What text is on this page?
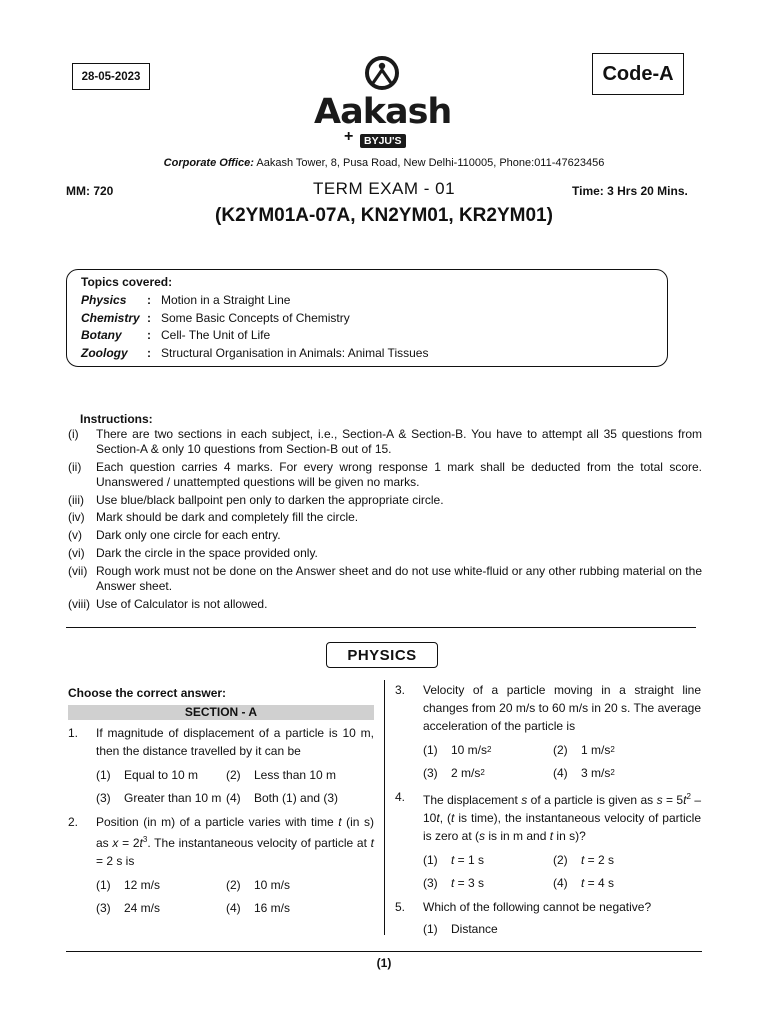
28-05-2023
Aakash
+	BYJU'S
Code-A
Corporate Office: Aakash Tower, 8, Pusa Road, New Delhi-110005, Phone:011-47623456
MM: 720	TERM EXAM - 01	Time: 3 Hrs 20 Mins.
(K2YM01A-07A, KN2YM01, KR2YM01)
Topics covered:
Physics	: Motion in a Straight Line
Chemistry : Some Basic Concepts of Chemistry
Botany	: Cell- The Unit of Life
Zoology	: Structural Organisation in Animals: Animal Tissues
Instructions:
(i)	There are two sections in each subject, i.e., Section-A & Section-B. You have to attempt all 35 questions from Section-A & only 10 questions from Section-B out of 15.
(ii)	Each question carries 4 marks. For every wrong response 1 mark shall be deducted from the total score. Unanswered / unattempted questions will be given no marks.
(iii)	Use blue/black ballpoint pen only to darken the appropriate circle.
(iv) Mark should be dark and completely fill the circle.
(v)	Dark only one circle for each entry.
(vi) Dark the circle in the space provided only.
(vii) Rough work must not be done on the Answer sheet and do not use white-fluid or any other rubbing material on the Answer sheet.
(viii) Use of Calculator is not allowed.
PHYSICS
Choose the correct answer:
SECTION - A
1.	If magnitude of displacement of a particle is 10 m, then the distance travelled by it can be
(1)	Equal to 10 m (2)	Less than 10 m
(3)	Greater than 10 m (4)	Both (1) and (3)
2.	Position (in m) of a particle varies with time t (in s) as $x = 2t^3$. The instantaneous velocity of particle at t = 2 s is
(1)	12 m/s	(2)	10 m/s
(3)	24 m/s	(4)	16 m/s
3.	Velocity of a particle moving in a straight line changes from 20 m/s to 60 m/s in 20 s. The average acceleration of the particle is
(1)	10 m/s 2	(2)	1 m/s 2
(3)	2 m/s 2	(4)	3 m/s 2
4.	The displacement s of a particle is given as $s = 5t^2 - 10t$, (t is time), the instantaneous velocity of particle is zero at (s is in m and t in s)?
(1)	t = 1 s	(2)	t = 2 s
(3)	t = 3 s	(4)	t = 4 s
5.	Which of the following cannot be negative?
(1)	Distance
(1)
